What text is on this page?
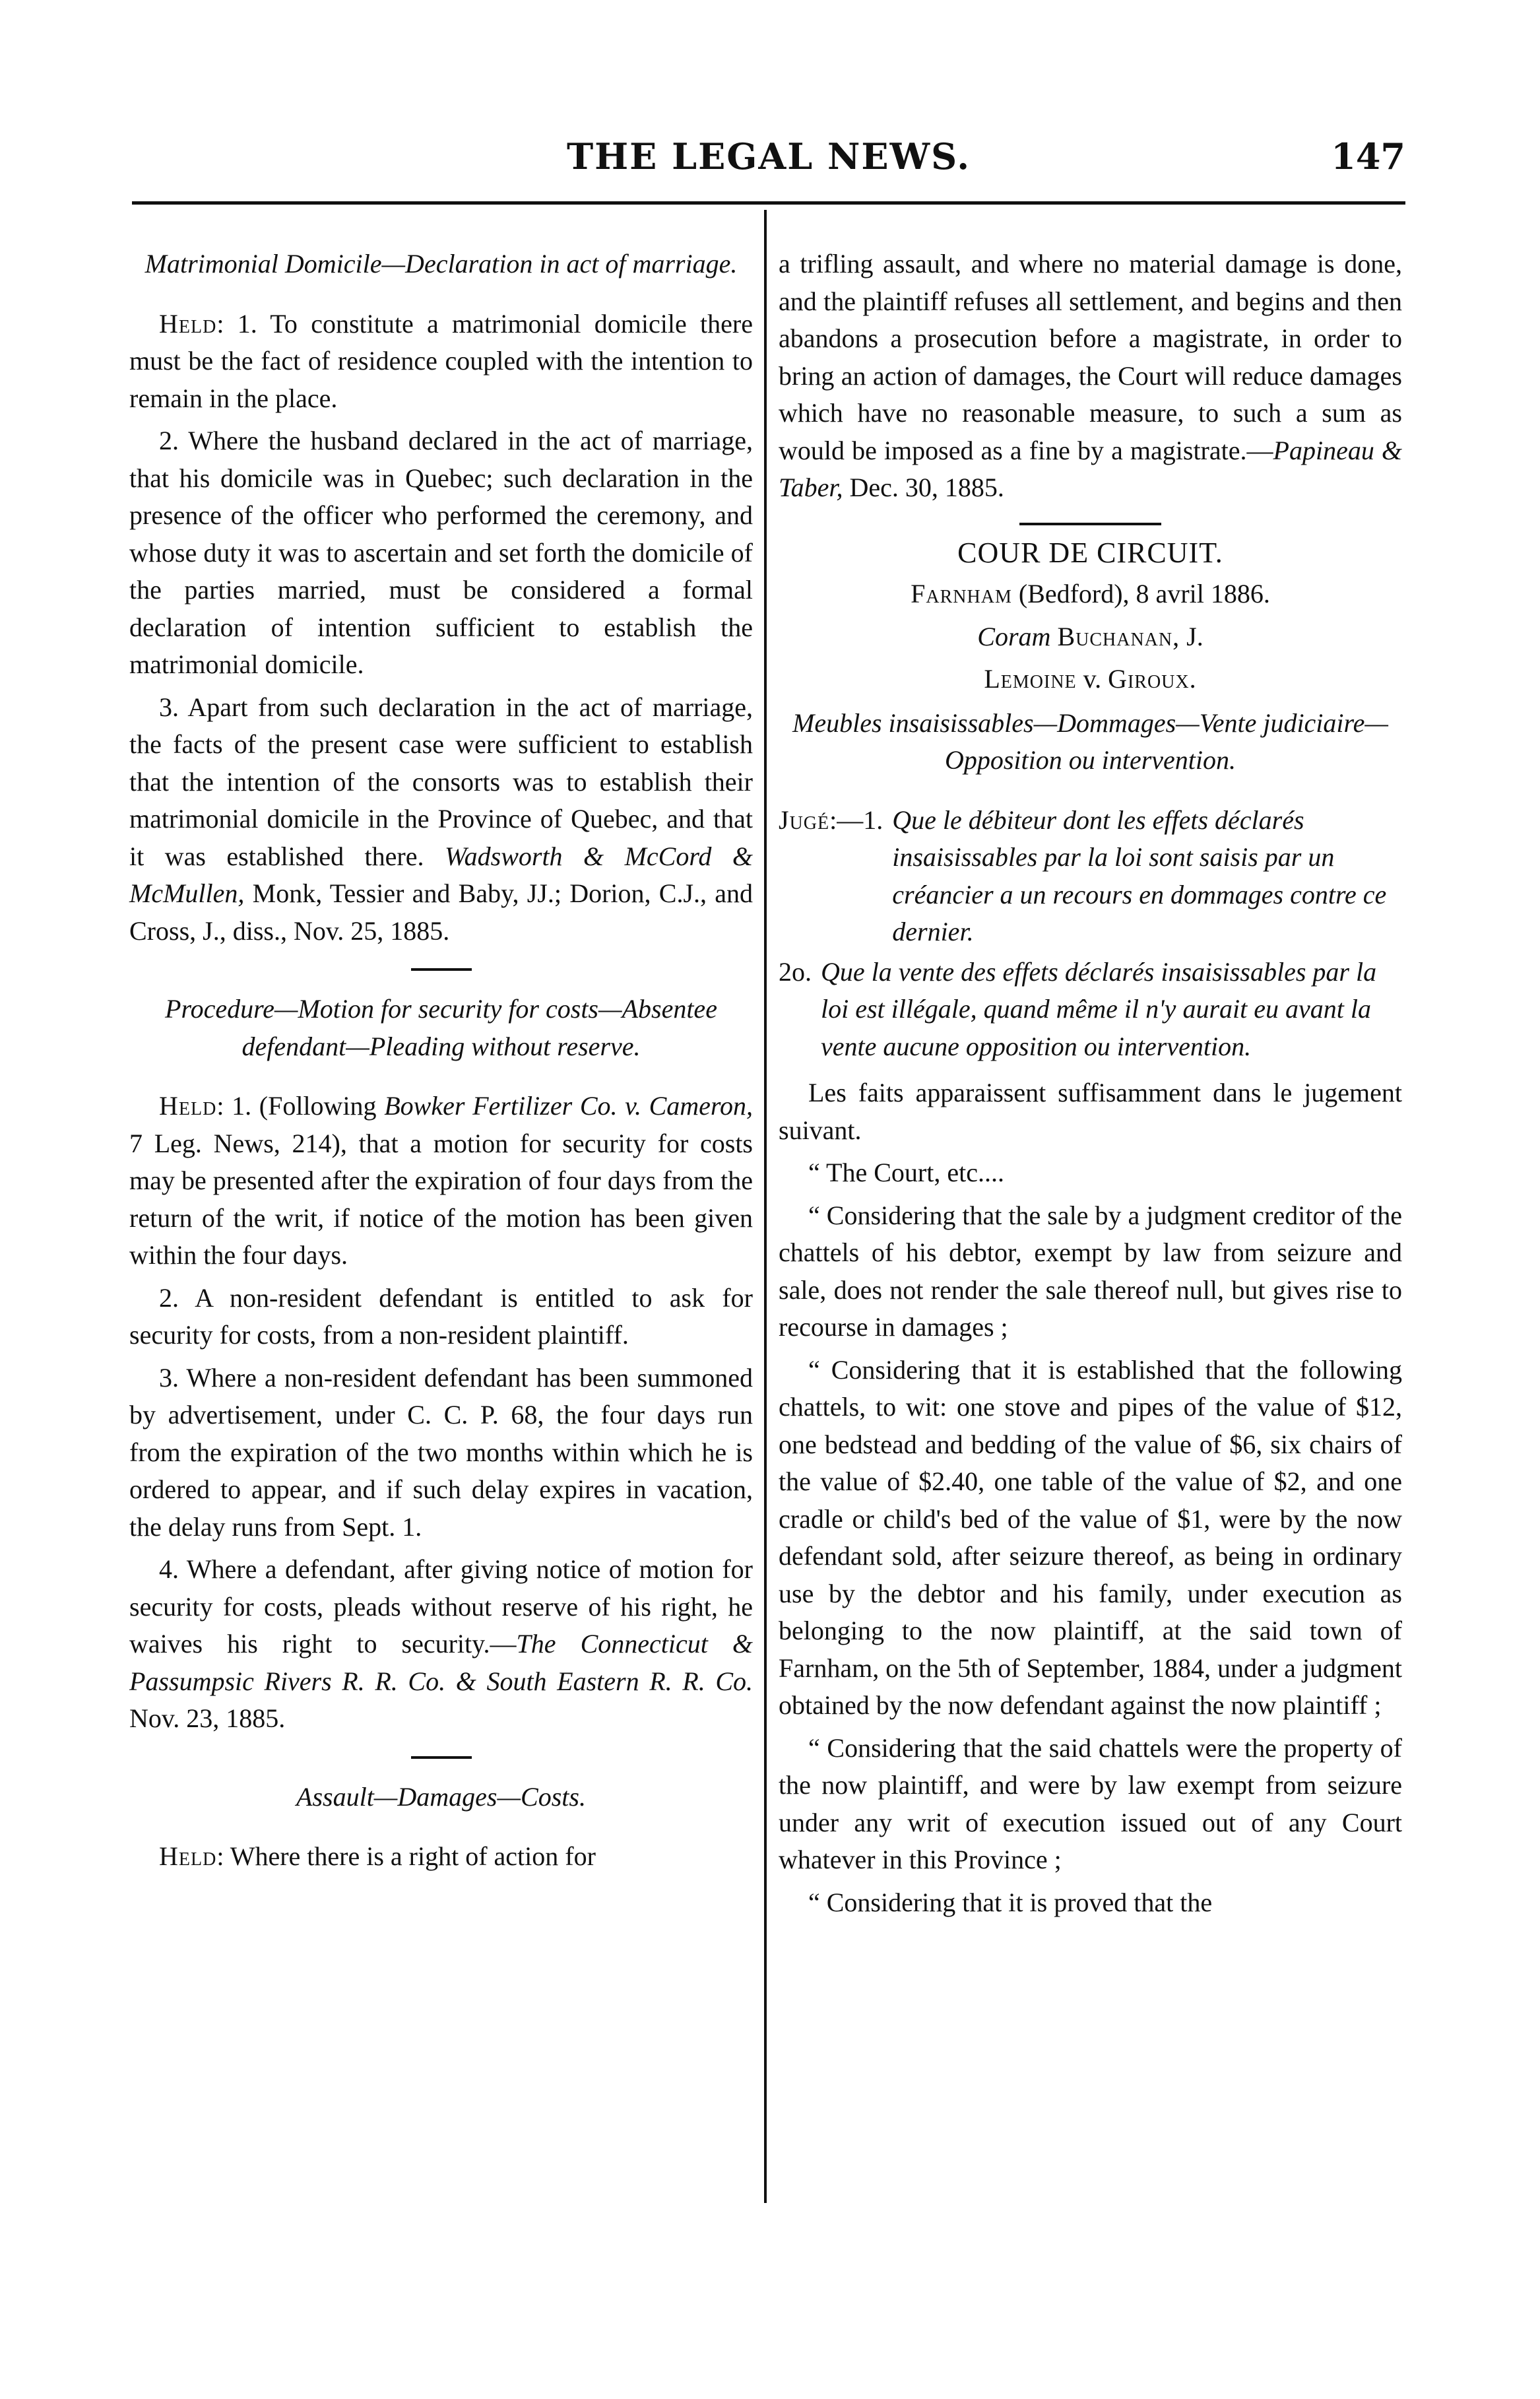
THE LEGAL NEWS.	147

Matrimonial Domicile—Declaration in act of marriage.

Held: 1. To constitute a matrimonial domicile there must be the fact of residence coupled with the intention to remain in the place.

2. Where the husband declared in the act of marriage, that his domicile was in Quebec; such declaration in the presence of the officer who performed the ceremony, and whose duty it was to ascertain and set forth the domicile of the parties married, must be considered a formal declaration of intention sufficient to establish the matrimonial domicile.

3. Apart from such declaration in the act of marriage, the facts of the present case were sufficient to establish that the intention of the consorts was to establish their matrimonial domicile in the Province of Quebec, and that it was established there. Wadsworth & McCord & McMullen, Monk, Tessier and Baby, JJ.; Dorion, C.J., and Cross, J., diss., Nov. 25, 1885.

Procedure—Motion for security for costs—Absentee defendant—Pleading without reserve.

Held: 1. (Following Bowker Fertilizer Co. v. Cameron, 7 Leg. News, 214), that a motion for security for costs may be presented after the expiration of four days from the return of the writ, if notice of the motion has been given within the four days.

2. A non-resident defendant is entitled to ask for security for costs, from a non-resident plaintiff.

3. Where a non-resident defendant has been summoned by advertisement, under C. C. P. 68, the four days run from the expiration of the two months within which he is ordered to appear, and if such delay expires in vacation, the delay runs from Sept. 1.

4. Where a defendant, after giving notice of motion for security for costs, pleads without reserve of his right, he waives his right to security.—The Connecticut & Passumpsic Rivers R. R. Co. & South Eastern R. R. Co. Nov. 23, 1885.

Assault—Damages—Costs.

Held: Where there is a right of action for

a trifling assault, and where no material damage is done, and the plaintiff refuses all settlement, and begins and then abandons a prosecution before a magistrate, in order to bring an action of damages, the Court will reduce damages which have no reasonable measure, to such a sum as would be imposed as a fine by a magistrate.—Papineau & Taber, Dec. 30, 1885.

COUR DE CIRCUIT.

Farnham (Bedford), 8 avril 1886.

Coram Buchanan, J.

Lemoine v. Giroux.

Meubles insaisissables—Dommages—Vente judiciaire—Opposition ou intervention.

Jugé:—1. Que le débiteur dont les effets déclarés insaisissables par la loi sont saisis par un créancier a un recours en dommages contre ce dernier.
2o. Que la vente des effets déclarés insaisissables par la loi est illégale, quand même il n'y aurait eu avant la vente aucune opposition ou intervention.

Les faits apparaissent suffisamment dans le jugement suivant.

“ The Court, etc....

“ Considering that the sale by a judgment creditor of the chattels of his debtor, exempt by law from seizure and sale, does not render the sale thereof null, but gives rise to recourse in damages ;

“ Considering that it is established that the following chattels, to wit: one stove and pipes of the value of $12, one bedstead and bedding of the value of $6, six chairs of the value of $2.40, one table of the value of $2, and one cradle or child's bed of the value of $1, were by the now defendant sold, after seizure thereof, as being in ordinary use by the debtor and his family, under execution as belonging to the now plaintiff, at the said town of Farnham, on the 5th of September, 1884, under a judgment obtained by the now defendant against the now plaintiff ;

“ Considering that the said chattels were the property of the now plaintiff, and were by law exempt from seizure under any writ of execution issued out of any Court whatever in this Province ;

“ Considering that it is proved that the
